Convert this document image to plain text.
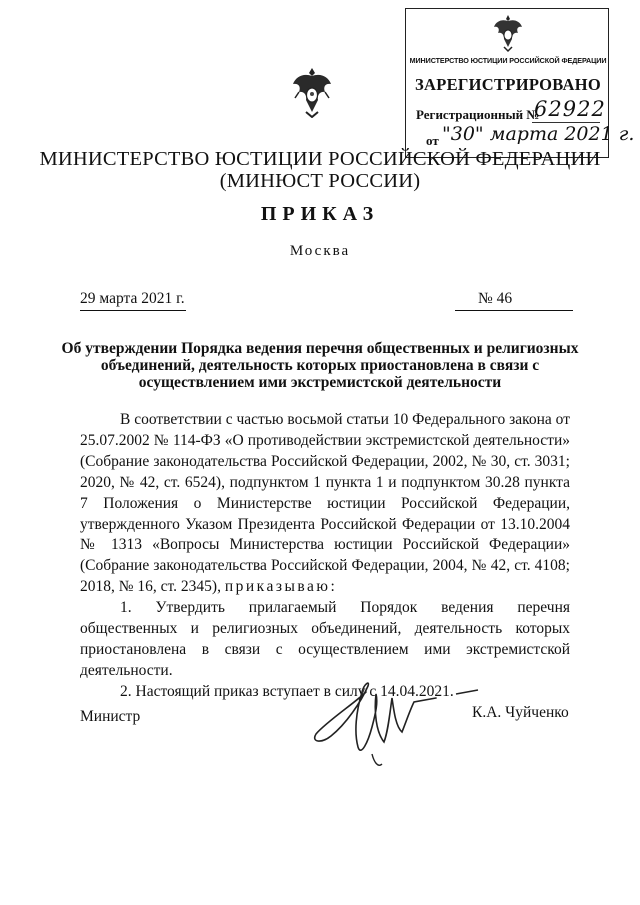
МИНИСТЕРСТВО ЮСТИЦИИ РОССИЙСКОЙ ФЕДЕРАЦИИ
ЗАРЕГИСТРИРОВАНО
Регистрационный №
62922
от "30" марта 2021 г.
МИНИСТЕРСТВО ЮСТИЦИИ РОССИЙСКОЙ ФЕДЕРАЦИИ
(МИНЮСТ РОССИИ)
ПРИКАЗ
Москва
29 марта 2021 г.	№ 46
Об утверждении Порядка ведения перечня общественных и религиозных объединений, деятельность которых приостановлена в связи с осуществлением ими экстремистской деятельности

В соответствии с частью восьмой статьи 10 Федерального закона от 25.07.2002 № 114-ФЗ «О противодействии экстремистской деятельности» (Собрание законодательства Российской Федерации, 2002, № 30, ст. 3031; 2020, № 42, ст. 6524), подпунктом 1 пункта 1 и подпунктом 30.28 пункта 7 Положения о Министерстве юстиции Российской Федерации, утвержденного Указом Президента Российской Федерации от 13.10.2004 № 1313 «Вопросы Министерства юстиции Российской Федерации» (Собрание законодательства Российской Федерации, 2004, № 42, ст. 4108; 2018, № 16, ст. 2345), приказываю:

1. Утвердить прилагаемый Порядок ведения перечня общественных и религиозных объединений, деятельность которых приостановлена в связи с осуществлением ими экстремистской деятельности.

2. Настоящий приказ вступает в силу с 14.04.2021.

Министр	К.А. Чуйченко
